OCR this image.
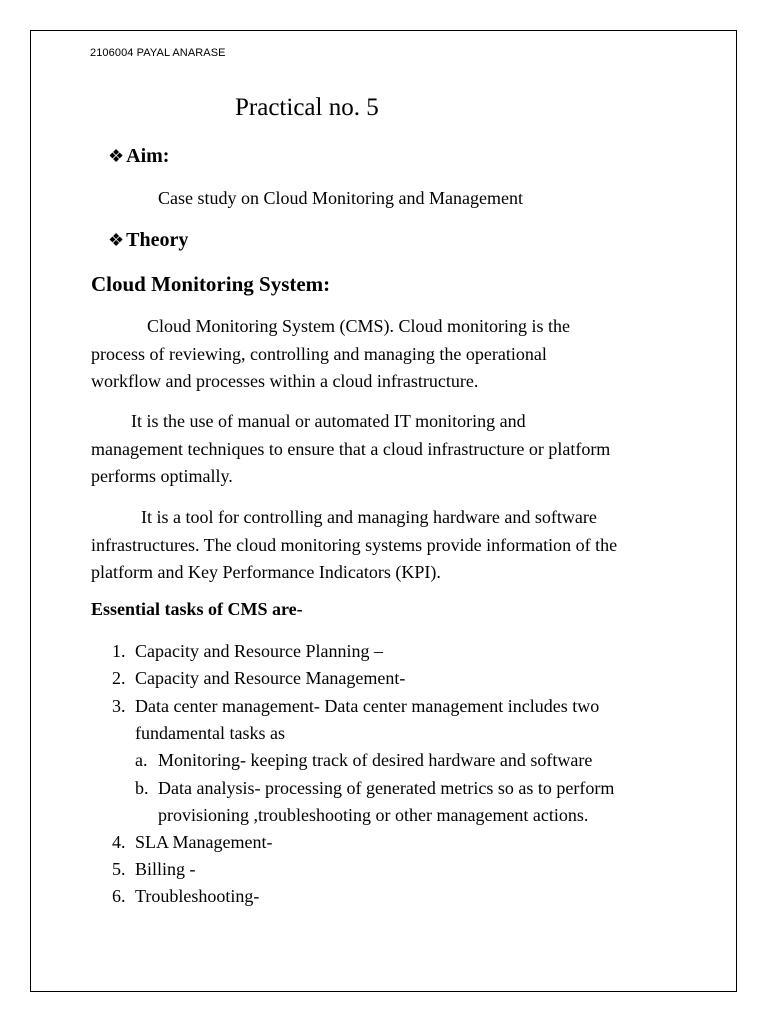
2106004 PAYAL ANARASE
Practical no. 5
❖ Aim:
Case study on Cloud Monitoring and Management
❖ Theory
Cloud Monitoring System:
Cloud Monitoring System (CMS). Cloud monitoring is the
process of reviewing, controlling and managing the operational
workflow and processes within a cloud infrastructure.
It is the use of manual or automated IT monitoring and
management techniques to ensure that a cloud infrastructure or platform
performs optimally.
It is a tool for controlling and managing hardware and software
infrastructures. The cloud monitoring systems provide information of the
platform and Key Performance Indicators (KPI).
Essential tasks of CMS are-
1. Capacity and Resource Planning –
2. Capacity and Resource Management-
3. Data center management- Data center management includes two
fundamental tasks as
a. Monitoring- keeping track of desired hardware and software
b. Data analysis- processing of generated metrics so as to perform
provisioning ,troubleshooting or other management actions.
4. SLA Management-
5. Billing -
6. Troubleshooting-
